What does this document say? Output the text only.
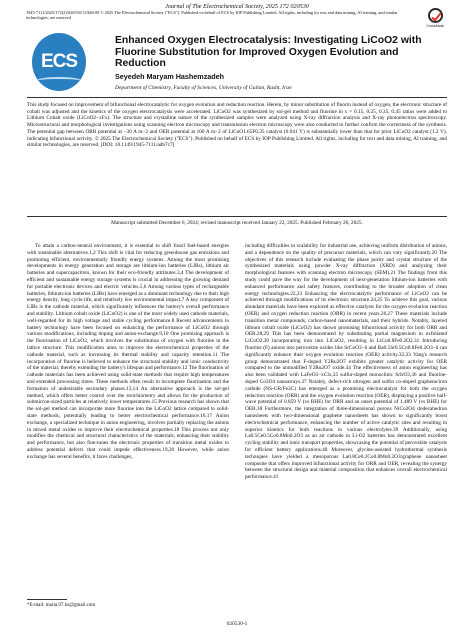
Journal of The Electrochemical Society, 2025 172 020530
1945-7111/2025/172(2)/020530/11/$40.00 © 2025 The Electrochemical Society ("ECS"). Published on behalf of ECS by IOP Publishing Limited. All rights, including for text and data mining, AI training, and similar technologies, are reserved
CrossMark
ECS
Enhanced Oxygen Electrocatalysis: Investigating LiCoO2 with Fluorine Substitution for Improved Oxygen Evolution and Reduction
Seyedeh Maryam Hashemzadeh
Department of Chemistry, Faculty of Sciences, University of Guilan, Rasht, Iran
This study focused on improvement of bifunctional electrocatalytic for oxygen evolution and reduction reaction. Herein, by minor substitution of fluorin instead of oxygen, the electronic structure of cobalt was adjusted and the kinetics of the oxygen electrocatalysis were accelerated. LiCoO2 was synthesized by sol-gel method and fluorine in x = 0.15, 0.25, 0.35, 0.45 ratios were added to Lithium Cobalt oxide (LiCoO2−xFx). The structure and crystalline nature of the synthesized samples were analyzed using X-ray diffraction analysis and X-ray photoelectron spectroscopy. Microstructural and morphological investigations using scanning electron microscopy and transmission electron microscopy were also conducted to further confirm the correctness of the synthesis. The potential gap between ORR potential at −30 A m−2 and OER potential at 100 A m−2 of LiCoO1.65F0.35 catalyst (0.941 V) is substantially lower than that for prior LiCoO2 catalyst (1.2 V), indicating bifunctional activity. © 2025 The Electrochemical Society ("ECS"). Published on behalf of ECS by IOP Publishing Limited. All rights, including for text and data mining, AI training, and similar technologies, are reserved. [DOI: 10.1149/1945-7111/adb7c7]
Manuscript submitted December 6, 2024; revised manuscript received January 22, 2025. Published February 26, 2025.

To attain a carbon-neutral environment, it is essential to shift fossil fuel-based energies with sustainable alternatives.1,2 This shift is vital for reducing greenhouse gas emissions and promoting efficient, environmentally friendly energy systems. Among the most promising developments in energy generation and storage are lithium-ion batteries (LIBs), lithium air batteries and supercapacitors, known for their eco-friendly attributes.3,4 The development of efficient and sustainable energy storage systems is crucial in addressing the growing demand for portable electronic devices and electric vehicles.5,6 Among various types of rechargeable batteries, lithium-ion batteries (LIBs) have emerged as a dominant technology due to their high energy density, long cycle life, and relatively low environmental impact.7 A key component of LIBs is the cathode material, which significantly influences the battery's overall performance and stability. Lithium cobalt oxide (LiCoO2) is one of the most widely used cathode materials, well-regarded for its high voltage and stable cycling performance.8 Recent advancements in battery technology have been focused on enhancing the performance of LiCoO2 through various modifications, including doping and anion-exchange.9,10 One promising approach is the fluorination of LiCoO2, which involves the substitution of oxygen with fluorine in the lattice structure. This modification aims to improve the electrochemical properties of the cathode material, such as increasing its thermal stability and capacity retention.11 The incorporation of fluorine is believed to enhance the structural stability and ionic conductivity of the material, thereby extending the battery's lifespan and performance.12 The fluorination of cathode materials has been achieved using solid-state methods that require high temperatures and extended processing times. These methods often result in incomplete fluorination and the formation of undesirable secondary phases.13,14 An alternative approach is the sol-gel method, which offers better control over the stoichiometry and allows for the production of submicron-sized particles at relatively lower temperatures.15 Previous research has shown that the sol-gel method can incorporate more fluorine into the LiCoO2 lattice compared to solid-state methods, potentially leading to better electrochemical performance.16,17 Anion exchange, a specialized technique in anion engineering, involves partially replacing the anions in mixed metal oxides to improve their electrochemical properties.18 This process not only modifies the chemical and structural characteristics of the materials, enhancing their stability and performance, but also fine-tunes the electronic properties of transition metal oxides to address potential defects that could impede effectiveness.19,20 However, while anion exchange has several benefits, it faces challenges,

including difficulties in scalability for industrial use, achieving uniform distribution of anions, and a dependence on the quality of precursor materials, which can vary significantly.20 The objectives of this research include evaluating the phase purity and crystal structure of the synthesized materials using powder X-ray diffraction (XRD) and analyzing their morphological features with scanning electron microscopy (SEM).21 The findings from this study could pave the way for the development of next-generation lithium-ion batteries with enhanced performance and safety features, contributing to the broader adoption of clean energy technologies.22,23 Enhancing the electrocatalytic performance of LiCoO2 can be achieved through modifications of its electronic structure.24,25 To achieve this goal, various abundant materials have been explored as effective catalysts for the oxygen evolution reaction (OER) and oxygen reduction reaction (ORR) in recent years.26,27 These materials include transition metal compounds, carbon-based nanomaterials, and their hybrids. Notably, layered lithium cobalt oxide (LiCoO2) has shown promising bifunctional activity for both ORR and OER.28,29 This has been demonstrated by substituting partial magnesium in exfoliated LiCoO2,30 incorporating iron into LiCoO2, resulting in LiCo0.8Fe0.2O2.31 Introducing fluorine (F) anions into perovskite oxides like SrCoO3−δ and Ba0.5Sr0.5Co0.8Fe0.2O3−δ can significantly enhance their oxygen evolution reaction (OER) activity.32,33 Yang's research group demonstrated that F-doped Y2Ru2O7 exhibits greater catalytic activity for OER compared to the unmodified Y2Ru2O7 oxide.34 The effectiveness of anion engineering has also been validated with LaFeO3−xClx,35 sulfur-doped monoclinic SrIrO3,36 and fluorine-doped Co3O4 nanoarrays.37 Notably, defect-rich nitrogen and sulfur co-doped graphene/iron carbide (NS-GR/Fe3C) has emerged as a promising electrocatalyst for both the oxygen reduction reaction (ORR) and the oxygen evolution reaction (OER), displaying a positive half-wave potential of 0.859 V (vs RHE) for ORR and an onset potential of 1.489 V (vs RHE) for OER.38 Furthermore, the integration of three-dimensional porous NiCo2O4 dodecahedron nanosheets with two-dimensional graphene nanosheets has shown to significantly boost electrochemical performance, enhancing the number of active catalytic sites and resulting in superior kinetics for both reactions in various electrolytes.39 Additionally, using La0.5Ce0.5Co0.8Mn0.2O3 as an air cathode in Li-O2 batteries has demonstrated excellent cycling stability and ionic transport properties, showcasing the potential of perovskite catalysts for efficient battery applications.40 Moreover, glycine-assisted hydrothermal synthesis techniques have yielded a mesoporous La0.8Ce0.2Co0.8Mn0.2O3/graphene nanosheet composite that offers improved bifunctional activity for ORR and OER, revealing the synergy between the structural design and material composition that enhances overall electrochemical performance.41

*E-mail: maria.97.hz@gmail.com
020530-1
